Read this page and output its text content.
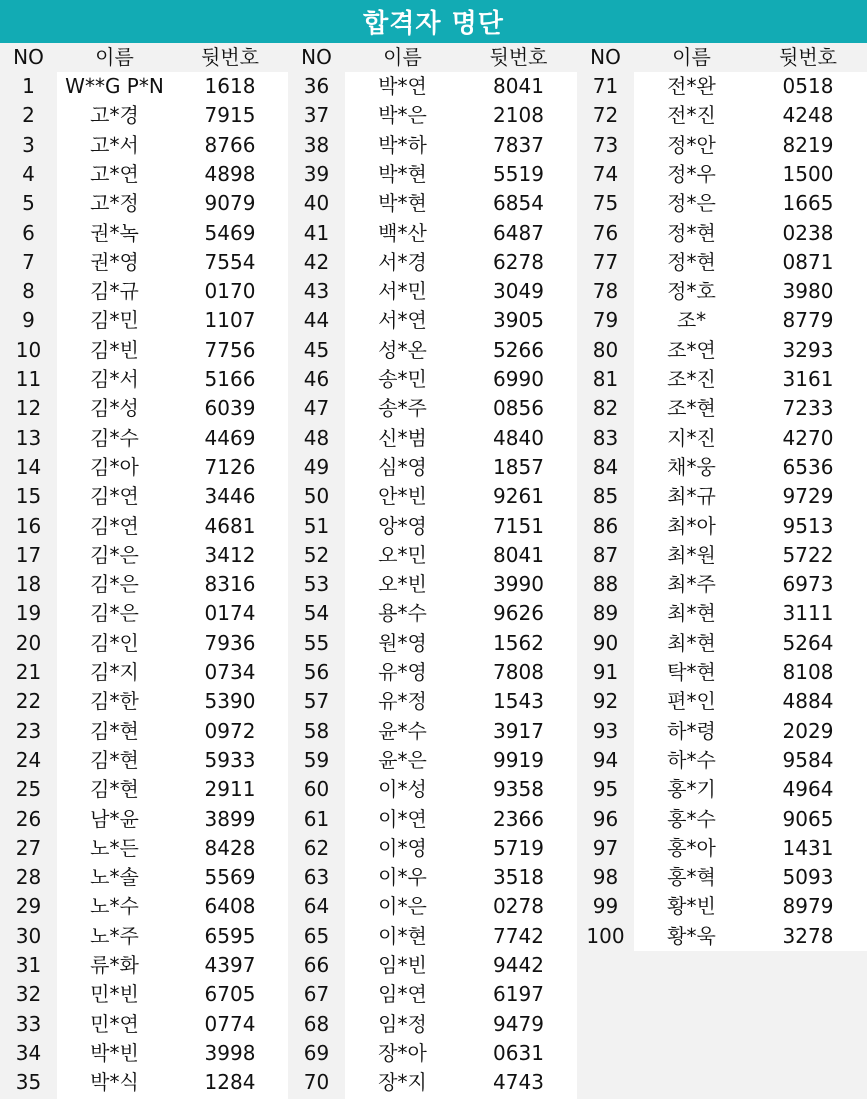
합격자 명단
NO	이름	뒷번호	NO	이름	뒷번호	NO	이름	뒷번호
1	W**G P*N	1618
2	고*경	7915
3	고*서	8766
4	고*연	4898
5	고*정	9079
6	권*녹	5469
7	권*영	7554
8	김*규	0170
9	김*민	1107
10	김*빈	7756
11	김*서	5166
12	김*성	6039
13	김*수	4469
14	김*아	7126
15	김*연	3446
16	김*연	4681
17	김*은	3412
18	김*은	8316
19	김*은	0174
20	김*인	7936
21	김*지	0734
22	김*한	5390
23	김*현	0972
24	김*현	5933
25	김*현	2911
26	남*윤	3899
27	노*든	8428
28	노*솔	5569
29	노*수	6408
30	노*주	6595
31	류*화	4397
32	민*빈	6705
33	민*연	0774
34	박*빈	3998
35	박*식	1284
36	박*연	8041
37	박*은	2108
38	박*하	7837
39	박*현	5519
40	박*현	6854
41	백*산	6487
42	서*경	6278
43	서*민	3049
44	서*연	3905
45	성*온	5266
46	송*민	6990
47	송*주	0856
48	신*범	4840
49	심*영	1857
50	안*빈	9261
51	앙*영	7151
52	오*민	8041
53	오*빈	3990
54	용*수	9626
55	원*영	1562
56	유*영	7808
57	유*정	1543
58	윤*수	3917
59	윤*은	9919
60	이*성	9358
61	이*연	2366
62	이*영	5719
63	이*우	3518
64	이*은	0278
65	이*현	7742
66	임*빈	9442
67	임*연	6197
68	임*정	9479
69	장*아	0631
70	장*지	4743
71	전*완	0518
72	전*진	4248
73	정*안	8219
74	정*우	1500
75	정*은	1665
76	정*현	0238
77	정*현	0871
78	정*호	3980
79	조*	8779
80	조*연	3293
81	조*진	3161
82	조*현	7233
83	지*진	4270
84	채*웅	6536
85	최*규	9729
86	최*아	9513
87	최*원	5722
88	최*주	6973
89	최*현	3111
90	최*현	5264
91	탁*현	8108
92	편*인	4884
93	하*령	2029
94	하*수	9584
95	홍*기	4964
96	홍*수	9065
97	홍*아	1431
98	홍*혁	5093
99	황*빈	8979
100	황*욱	3278
